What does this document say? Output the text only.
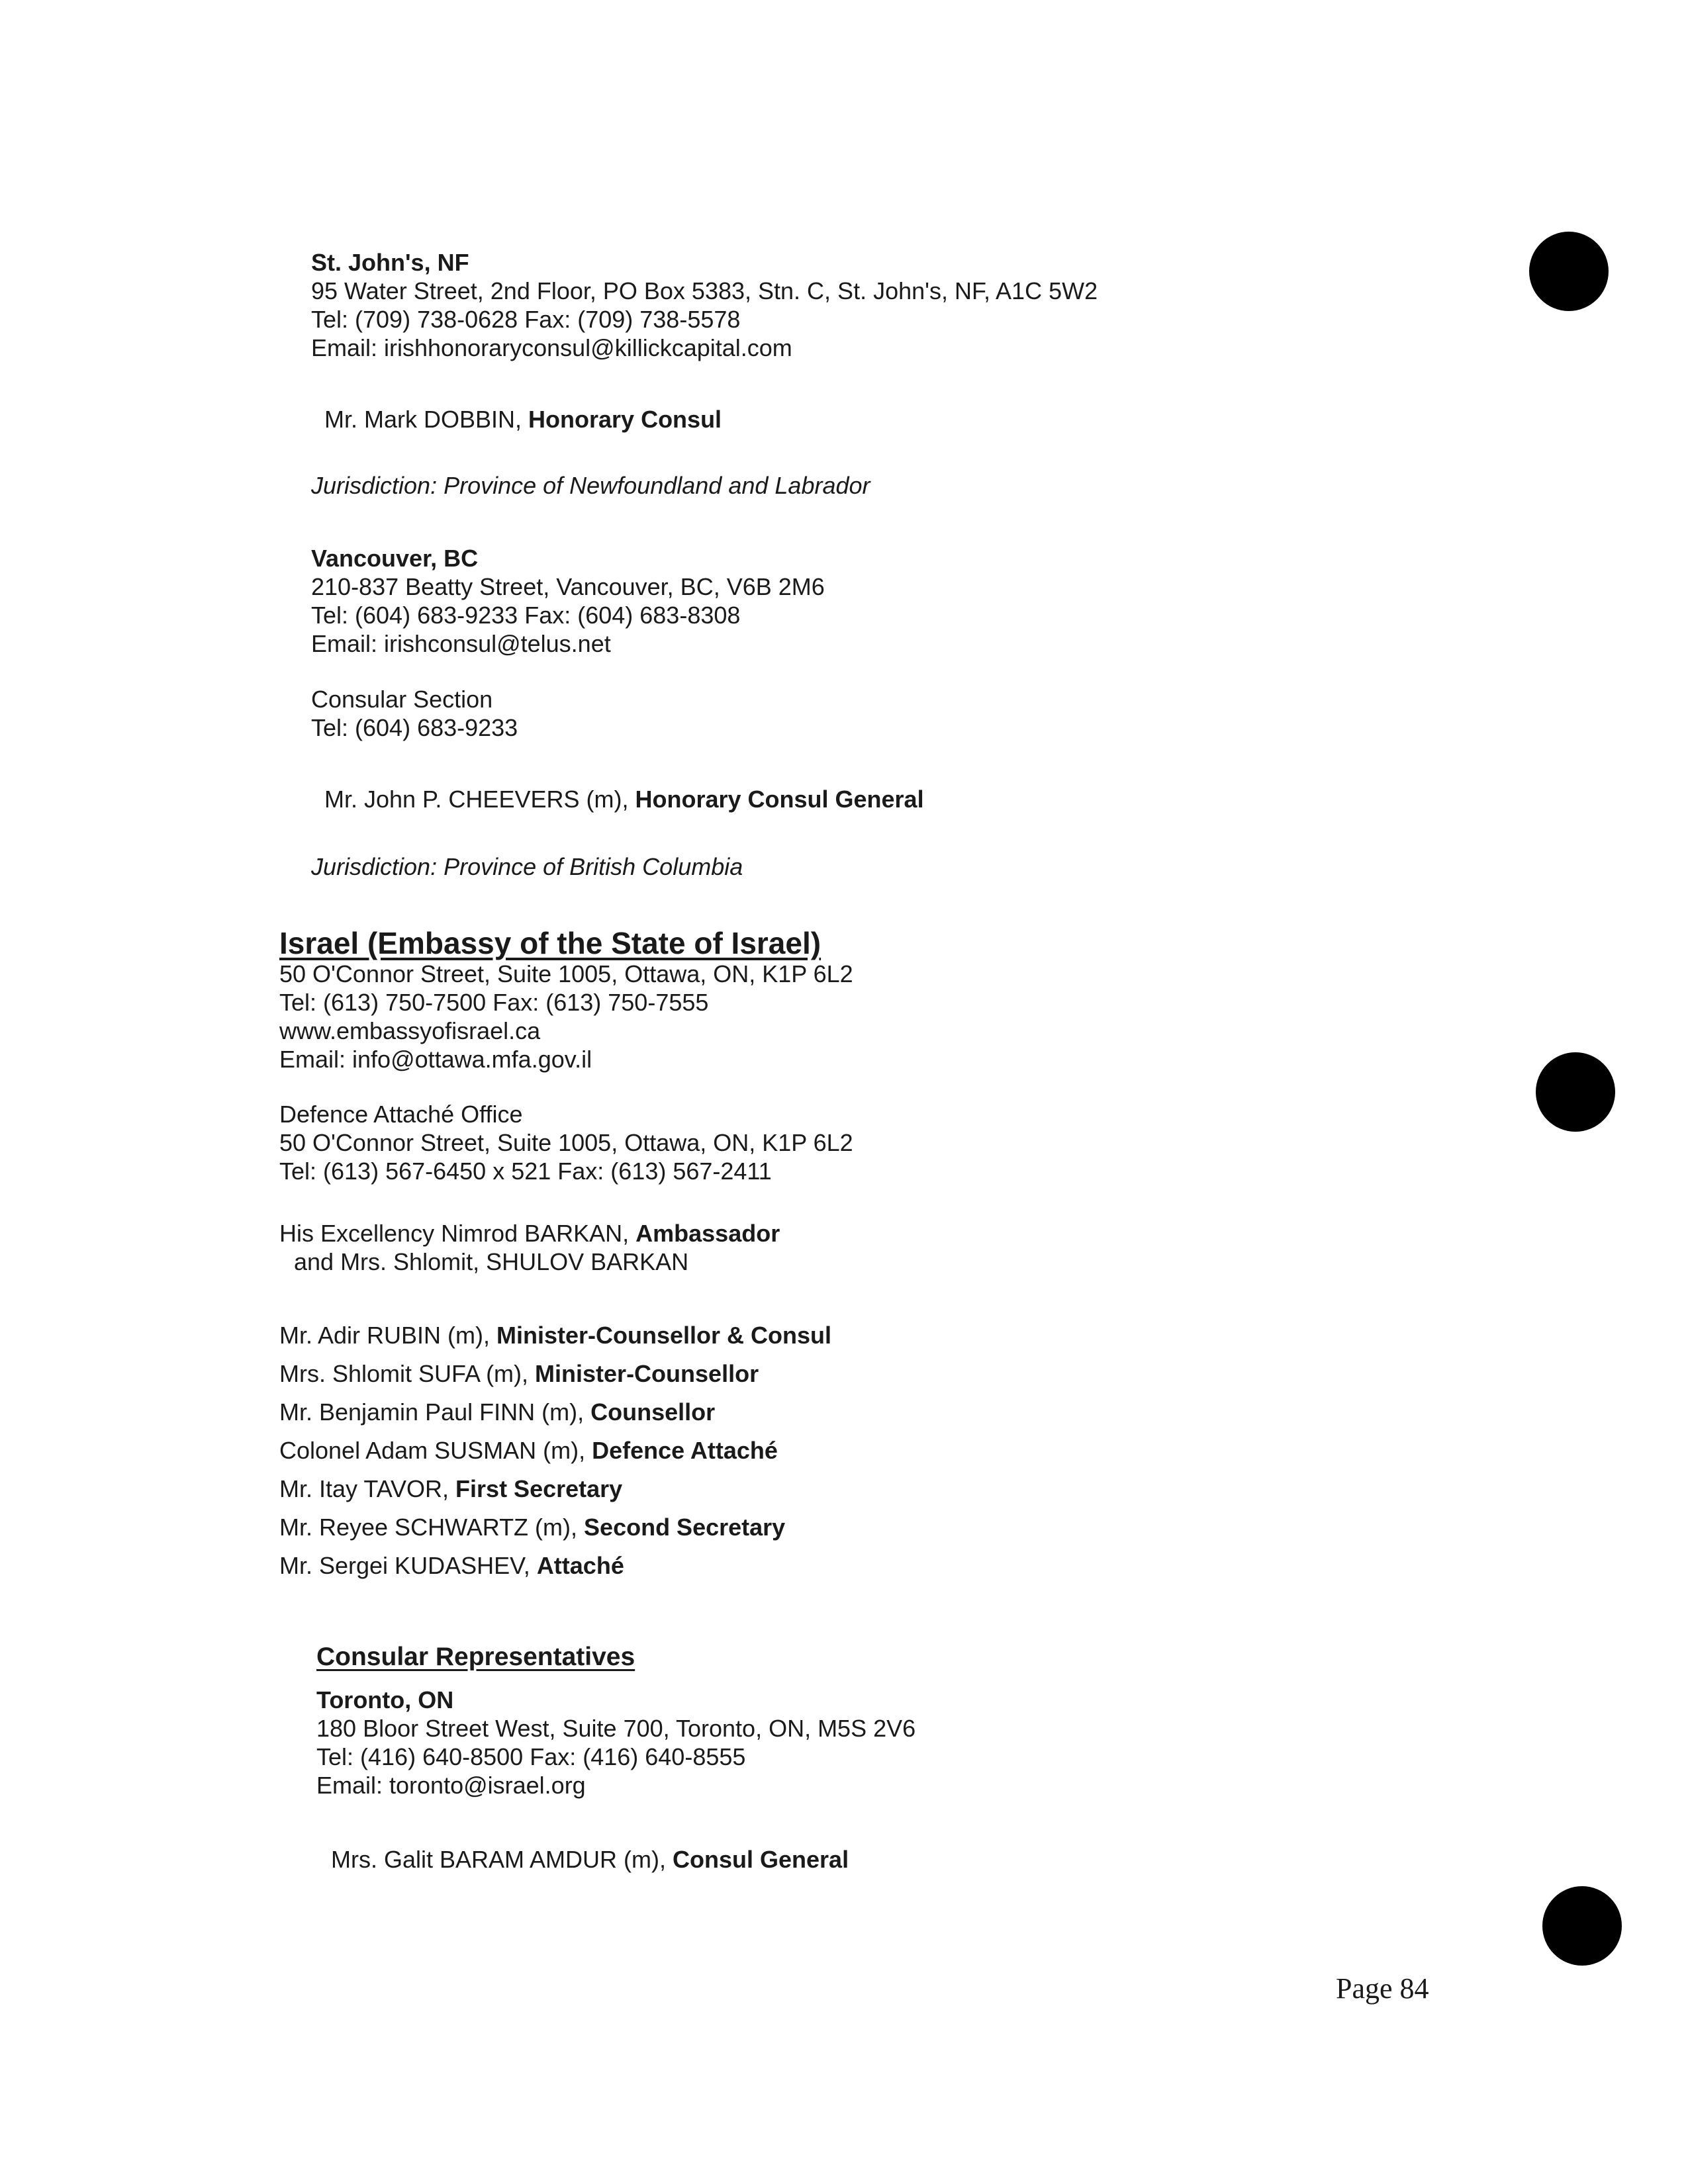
St. John's, NF
95 Water Street, 2nd Floor, PO Box 5383, Stn. C, St. John's, NF, A1C 5W2
Tel: (709) 738-0628 Fax: (709) 738-5578
Email: irishhonoraryconsul@killickcapital.com
Mr. Mark DOBBIN, Honorary Consul
Jurisdiction: Province of Newfoundland and Labrador
Vancouver, BC
210-837 Beatty Street, Vancouver, BC, V6B 2M6
Tel: (604) 683-9233 Fax: (604) 683-8308
Email: irishconsul@telus.net
Consular Section
Tel: (604) 683-9233
Mr. John P. CHEEVERS (m), Honorary Consul General
Jurisdiction: Province of British Columbia
Israel (Embassy of the State of Israel)
50 O'Connor Street, Suite 1005, Ottawa, ON, K1P 6L2
Tel: (613) 750-7500 Fax: (613) 750-7555
www.embassyofisrael.ca
Email: info@ottawa.mfa.gov.il
Defence Attaché Office
50 O'Connor Street, Suite 1005, Ottawa, ON, K1P 6L2
Tel: (613) 567-6450 x 521 Fax: (613) 567-2411
His Excellency Nimrod BARKAN, Ambassador
and Mrs. Shlomit, SHULOV BARKAN
Mr. Adir RUBIN (m), Minister-Counsellor & Consul
Mrs. Shlomit SUFA (m), Minister-Counsellor
Mr. Benjamin Paul FINN (m), Counsellor
Colonel Adam SUSMAN (m), Defence Attaché
Mr. Itay TAVOR, First Secretary
Mr. Reyee SCHWARTZ (m), Second Secretary
Mr. Sergei KUDASHEV, Attaché
Consular Representatives
Toronto, ON
180 Bloor Street West, Suite 700, Toronto, ON, M5S 2V6
Tel: (416) 640-8500 Fax: (416) 640-8555
Email: toronto@israel.org
Mrs. Galit BARAM AMDUR (m), Consul General
Page 84
